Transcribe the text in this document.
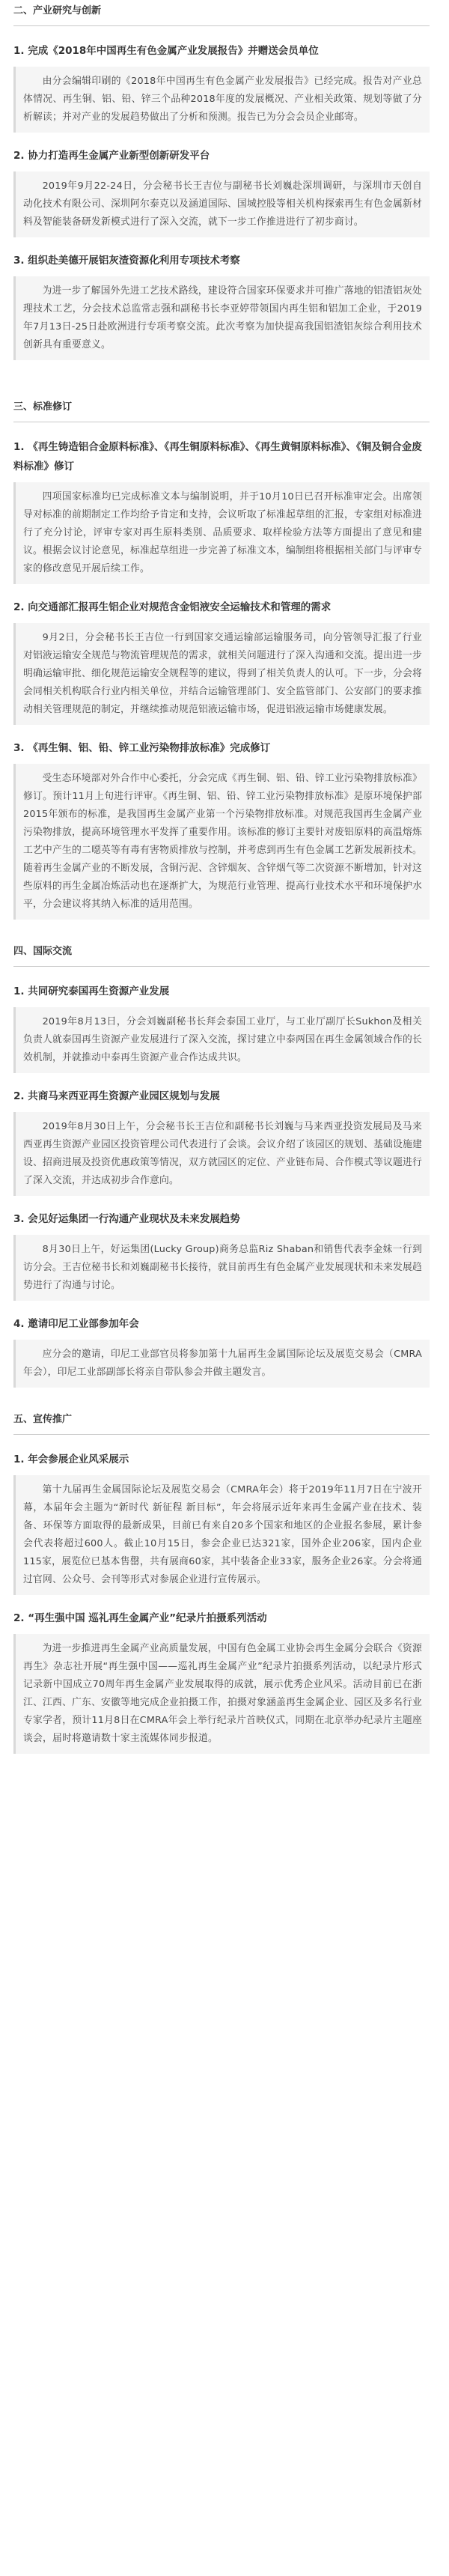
二、产业研究与创新
1. 完成《2018年中国再生有色金属产业发展报告》并赠送会员单位

由分会编辑印刷的《2018年中国再生有色金属产业发展报告》已经完成。报告对产业总体情况、再生铜、铝、铅、锌三个品种2018年度的发展概况、产业相关政策、规划等做了分析解读；并对产业的发展趋势做出了分析和预测。报告已为分会会员企业邮寄。

2. 协力打造再生金属产业新型创新研发平台

2019年9月22-24日，分会秘书长王吉位与副秘书长刘巍赴深圳调研，与深圳市天创自动化技术有限公司、深圳阿尔泰克以及涵道国际、国城控股等相关机构探索再生有色金属新材料及智能装备研发新模式进行了深入交流，就下一步工作推进进行了初步商讨。

3. 组织赴美德开展铝灰渣资源化利用专项技术考察

为进一步了解国外先进工艺技术路线，建设符合国家环保要求并可推广落地的铝渣铝灰处理技术工艺，分会技术总监常志强和副秘书长李亚婷带领国内再生铝和铝加工企业，于2019年7月13日-25日赴欧洲进行专项考察交流。此次考察为加快提高我国铝渣铝灰综合利用技术创新具有重要意义。

三、标准修订
1. 《再生铸造铝合金原料标准》、《再生铜原料标准》、《再生黄铜原料标准》、《铜及铜合金废料标准》修订

四项国家标准均已完成标准文本与编制说明，并于10月10日已召开标准审定会。出席领导对标准的前期制定工作均给予肯定和支持，会议听取了标准起草组的汇报，专家组对标准进行了充分讨论，评审专家对再生原料类别、品质要求、取样检验方法等方面提出了意见和建议。根据会议讨论意见，标准起草组进一步完善了标准文本，编制组将根据相关部门与评审专家的修改意见开展后续工作。

2. 向交通部汇报再生铝企业对规范含金铝液安全运输技术和管理的需求

9月2日，分会秘书长王吉位一行到国家交通运输部运输服务司，向分管领导汇报了行业对铝液运输安全规范与物流管理规范的需求，就相关问题进行了深入沟通和交流。提出进一步明确运输审批、细化规范运输安全规程等的建议，得到了相关负责人的认可。下一步，分会将会同相关机构联合行业内相关单位，并结合运输管理部门、安全监管部门、公安部门的要求推动相关管理规范的制定，并继续推动规范铝液运输市场，促进铝液运输市场健康发展。

3. 《再生铜、铝、铅、锌工业污染物排放标准》完成修订

受生态环境部对外合作中心委托，分会完成《再生铜、铝、铅、锌工业污染物排放标准》修订。预计11月上旬进行评审。《再生铜、铝、铅、锌工业污染物排放标准》是原环境保护部2015年颁布的标准，是我国再生金属产业第一个污染物排放标准。对规范我国再生金属产业污染物排放，提高环境管理水平发挥了重要作用。该标准的修订主要针对废铝原料的高温熔炼工艺中产生的二噁英等有毒有害物质排放与控制，并考虑到再生有色金属工艺新发展新技术。随着再生金属产业的不断发展，含铜污泥、含锌烟灰、含锌烟气等二次资源不断增加，针对这些原料的再生金属冶炼活动也在逐渐扩大，为规范行业管理、提高行业技术水平和环境保护水平，分会建议将其纳入标准的适用范围。

四、国际交流
1. 共同研究泰国再生资源产业发展

2019年8月13日，分会刘巍副秘书长拜会泰国工业厅，与工业厅副厅长Sukhon及相关负责人就泰国再生资源产业发展进行了深入交流，探讨建立中泰两国在再生金属领域合作的长效机制，并就推动中泰再生资源产业合作达成共识。

2. 共商马来西亚再生资源产业园区规划与发展

2019年8月30日上午，分会秘书长王吉位和副秘书长刘巍与马来西亚投资发展局及马来西亚再生资源产业园区投资管理公司代表进行了会谈。会议介绍了该园区的规划、基础设施建设、招商进展及投资优惠政策等情况，双方就园区的定位、产业链布局、合作模式等议题进行了深入交流，并达成初步合作意向。

3. 会见好运集团一行沟通产业现状及未来发展趋势

8月30日上午，好运集团(Lucky Group)商务总监Riz Shaban和销售代表李金妹一行到访分会。王吉位秘书长和刘巍副秘书长接待，就目前再生有色金属产业发展现状和未来发展趋势进行了沟通与讨论。

4. 邀请印尼工业部参加年会

应分会的邀请，印尼工业部官员将参加第十九届再生金属国际论坛及展览交易会（CMRA年会），印尼工业部副部长将亲自带队参会并做主题发言。

五、宣传推广
1. 年会参展企业风采展示

第十九届再生金属国际论坛及展览交易会（CMRA年会）将于2019年11月7日在宁波开幕，本届年会主题为“新时代 新征程 新目标”，年会将展示近年来再生金属产业在技术、装备、环保等方面取得的最新成果，目前已有来自20多个国家和地区的企业报名参展，累计参会代表将超过600人。截止10月15日，参会企业已达321家，国外企业206家，国内企业115家，展览位已基本售罄，共有展商60家，其中装备企业33家，服务企业26家。分会将通过官网、公众号、会刊等形式对参展企业进行宣传展示。

2. “再生强中国 巡礼再生金属产业”纪录片拍摄系列活动

为进一步推进再生金属产业高质量发展，中国有色金属工业协会再生金属分会联合《资源再生》杂志社开展“再生强中国——巡礼再生金属产业”纪录片拍摄系列活动，以纪录片形式记录新中国成立70周年再生金属产业发展取得的成就，展示优秀企业风采。活动目前已在浙江、江西、广东、安徽等地完成企业拍摄工作，拍摄对象涵盖再生金属企业、园区及多名行业专家学者，预计11月8日在CMRA年会上举行纪录片首映仪式，同期在北京举办纪录片主题座谈会，届时将邀请数十家主流媒体同步报道。
